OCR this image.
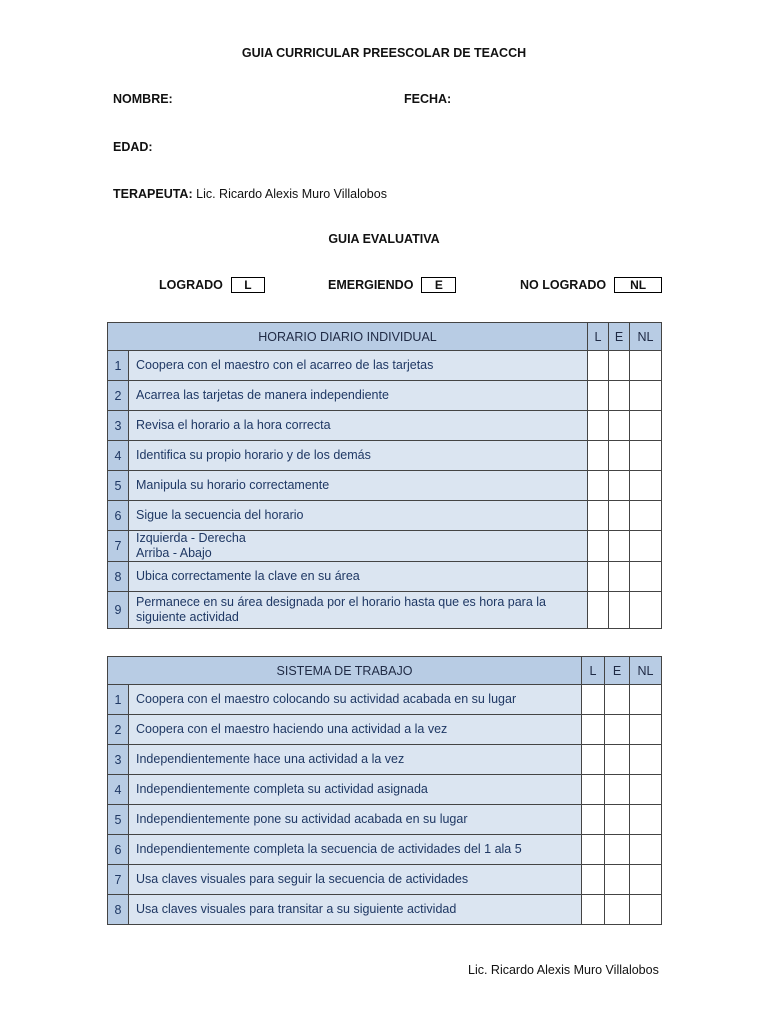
GUIA CURRICULAR PREESCOLAR DE TEACCH
NOMBRE:	FECHA:
EDAD:
TERAPEUTA: Lic. Ricardo Alexis Muro Villalobos
GUIA EVALUATIVA
LOGRADO	L	EMERGIENDO	E	NO LOGRADO	NL
HORARIO DIARIO INDIVIDUAL		L	E	NL
1	Coopera con el maestro con el acarreo de las tarjetas			

2	Acarrea las tarjetas de manera independiente			

3	Revisa el horario a la hora correcta			

4	Identifica su propio horario y de los demás			

5	Manipula su horario correctamente			

6	Sigue la secuencia del horario			

7	Izquierda - Derecha
Arriba - Abajo			

8	Ubica correctamente la clave en su área			

9	Permanece en su área designada por el horario hasta que es hora para la
siguiente actividad			

SISTEMA DE TRABAJO		L	E	NL
1	Coopera con el maestro colocando su actividad acabada en su lugar			

2	Coopera con el maestro haciendo una actividad a la vez			

3	Independientemente hace una actividad a la vez			

4	Independientemente completa su actividad asignada			

5	Independientemente pone su actividad acabada en su lugar			

6	Independientemente completa la secuencia de actividades del 1 ala 5			

7	Usa claves visuales para seguir la secuencia de actividades			

8	Usa claves visuales para transitar a su siguiente actividad			

Lic. Ricardo Alexis Muro Villalobos
